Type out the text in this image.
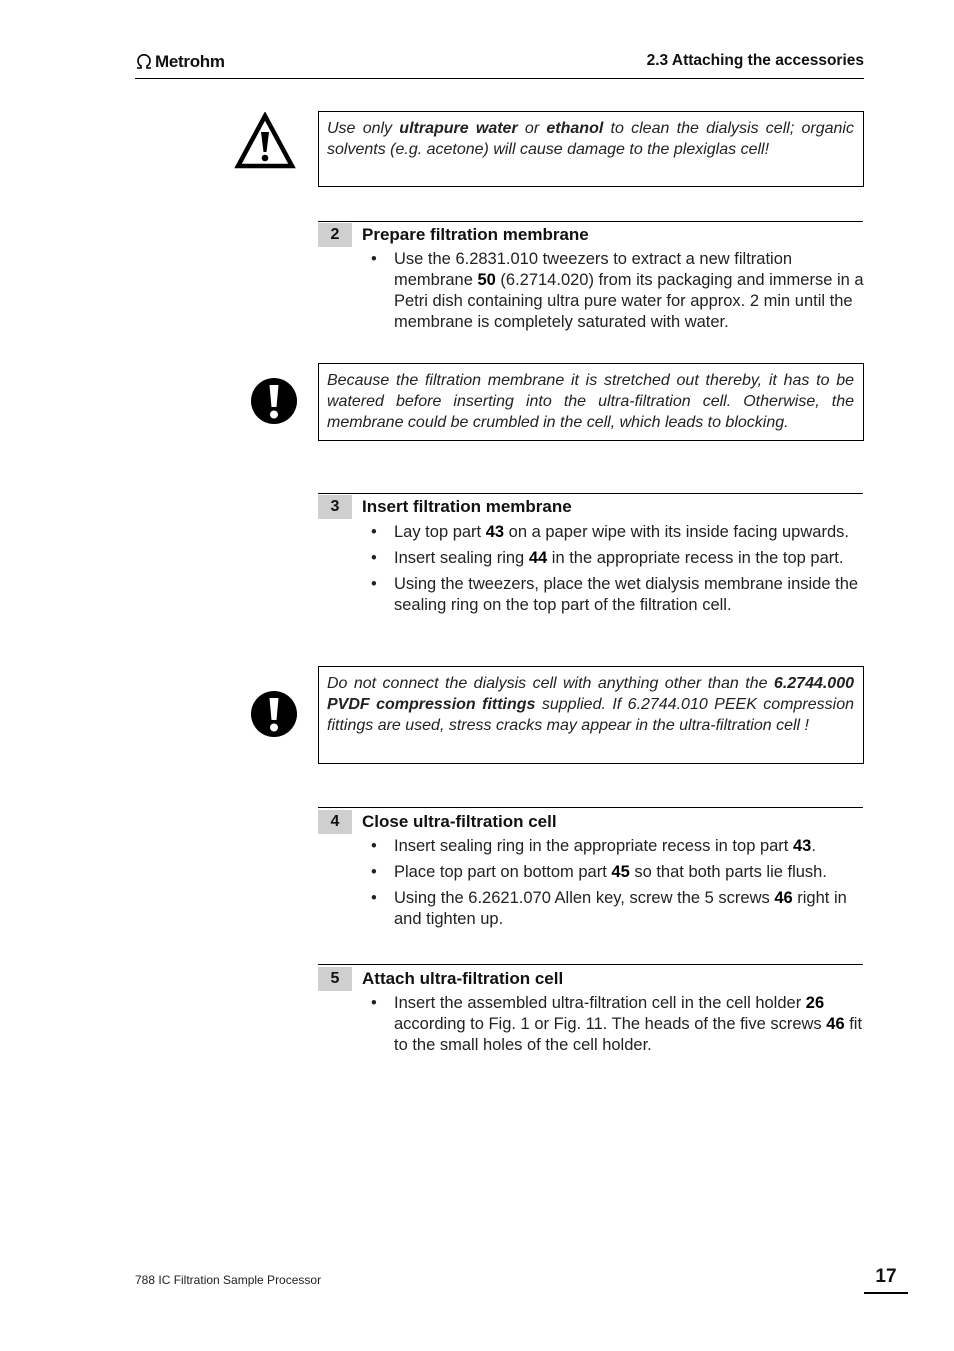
Metrohm	2.3 Attaching the accessories
Use only ultrapure water or ethanol to clean the dialysis cell; organic solvents (e.g. acetone) will cause damage to the plexiglas cell!
2	Prepare filtration membrane
• Use the 6.2831.010 tweezers to extract a new filtration membrane 50 (6.2714.020) from its packaging and immerse in a Petri dish containing ultra pure water for approx. 2 min until the membrane is completely saturated with water.
Because the filtration membrane it is stretched out thereby, it has to be watered before inserting into the ultra-filtration cell. Otherwise, the membrane could be crumbled in the cell, which leads to blocking.
3	Insert filtration membrane
• Lay top part 43 on a paper wipe with its inside facing upwards.
• Insert sealing ring 44 in the appropriate recess in the top part.
• Using the tweezers, place the wet dialysis membrane inside the sealing ring on the top part of the filtration cell.
Do not connect the dialysis cell with anything other than the 6.2744.000 PVDF compression fittings supplied. If 6.2744.010 PEEK compression fittings are used, stress cracks may appear in the ultra-filtration cell !
4	Close ultra-filtration cell
• Insert sealing ring in the appropriate recess in top part 43.
• Place top part on bottom part 45 so that both parts lie flush.
• Using the 6.2621.070 Allen key, screw the 5 screws 46 right in and tighten up.
5	Attach ultra-filtration cell
• Insert the assembled ultra-filtration cell in the cell holder 26 according to Fig. 1 or Fig. 11. The heads of the five screws 46 fit to the small holes of the cell holder.
788 IC Filtration Sample Processor	17
